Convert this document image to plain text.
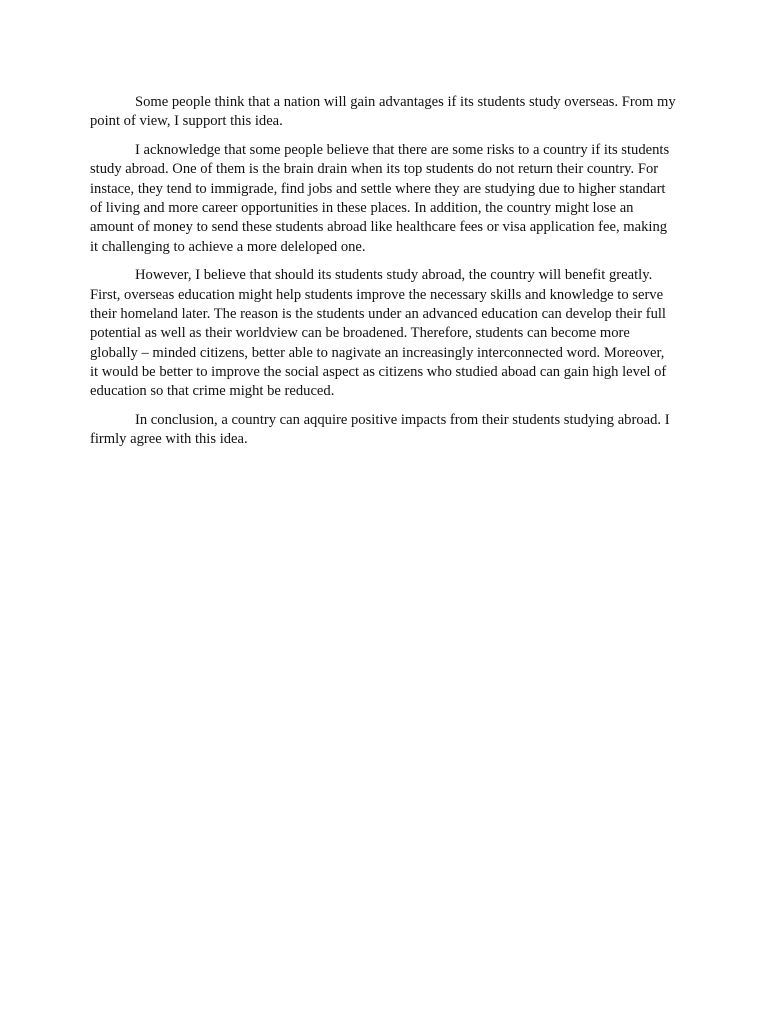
Some people think that a nation will gain advantages if its students study overseas. From my point of view, I support this idea.

I acknowledge that some people believe that there are some risks to a country if its students study abroad. One of them is the brain drain when its top students do not return their country. For instace, they tend to immigrade, find jobs and settle where they are studying due to higher standart of living and more career opportunities in these places. In addition, the country might lose an amount of money to send these students abroad like healthcare fees or visa application fee, making it challenging to achieve a more deleloped one.

However, I believe that should its students study abroad, the country will benefit greatly. First, overseas education might help students improve the necessary skills and knowledge to serve their homeland later. The reason is the students under an advanced education can develop their full potential as well as their worldview can be broadened. Therefore, students can become more globally – minded citizens, better able to nagivate an increasingly interconnected word. Moreover, it would be better to improve the social aspect as citizens who studied aboad can gain high level of education so that crime might be reduced.

In conclusion, a country can aqquire positive impacts from their students studying abroad. I firmly agree with this idea.
